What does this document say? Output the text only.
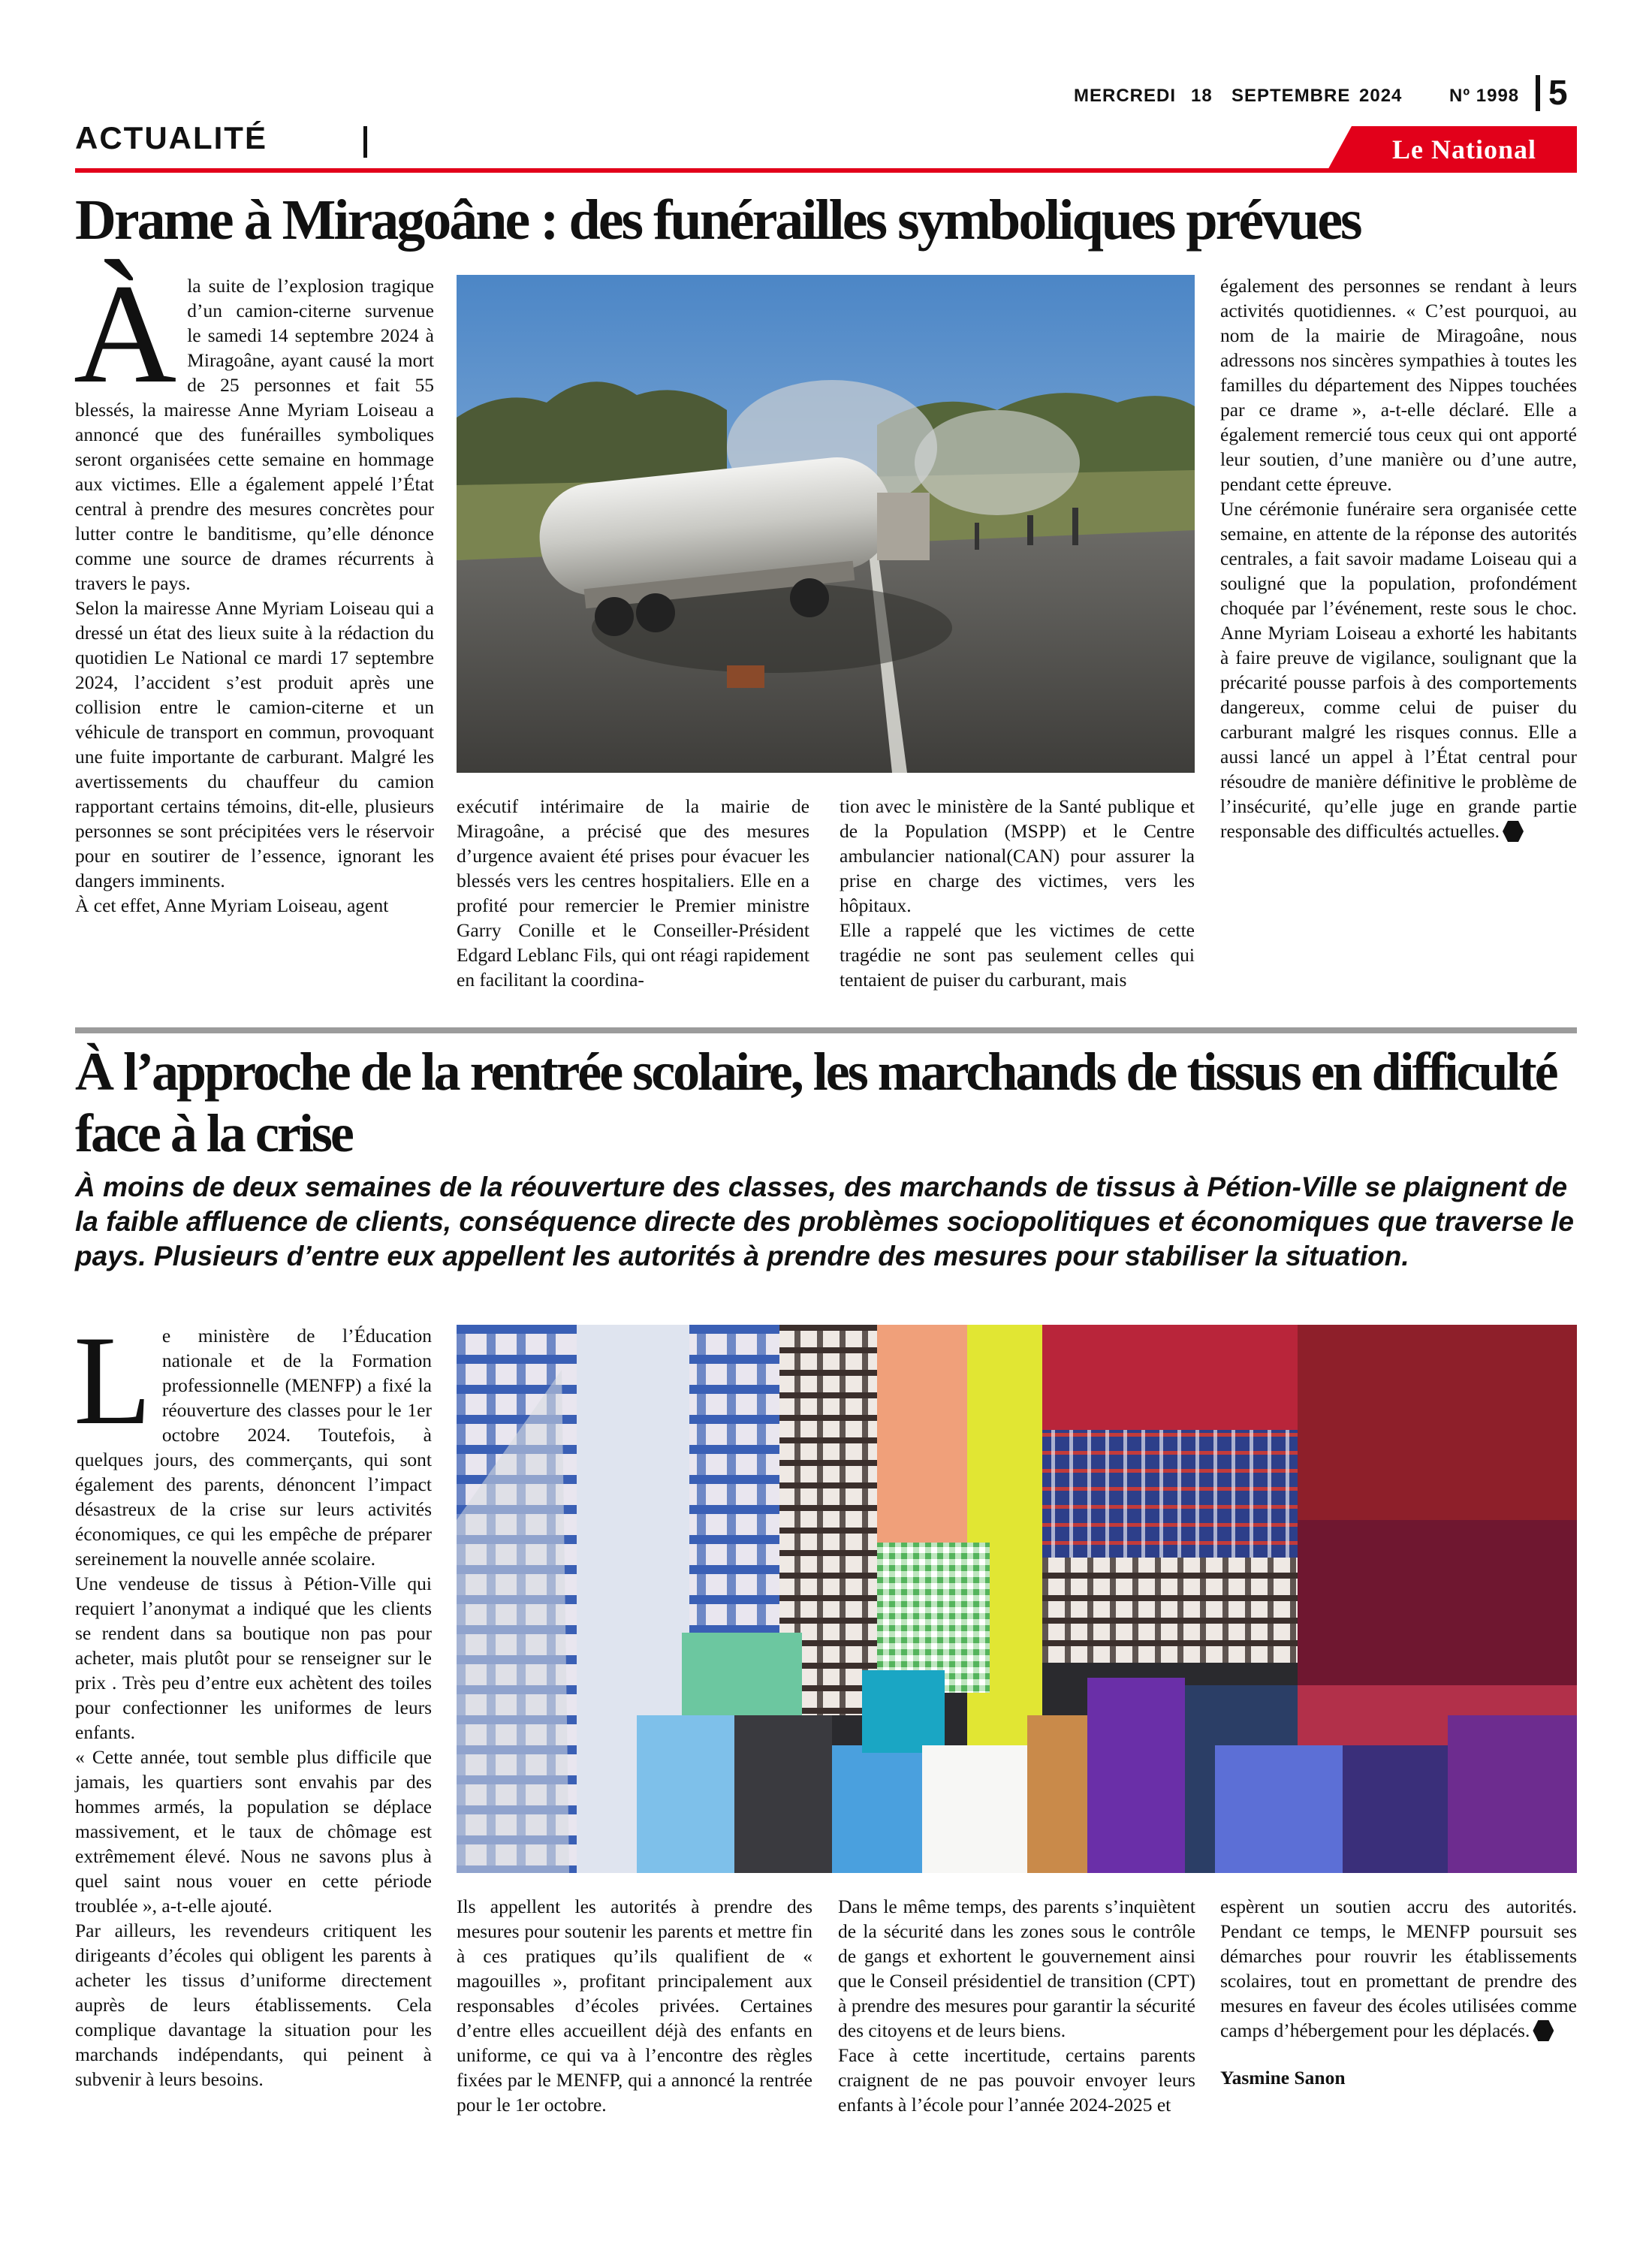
MERCREDI 18 SEPTEMBRE 2024	Nº 1998 5
ACTUALITÉ	Le National
Drame à Miragoâne : des funérailles symboliques prévues

Àla suite de l’explosion tragique d’un camion-citerne survenue le samedi 14 septembre 2024 à Miragoâne, ayant causé la mort de 25 personnes et fait 55 blessés, la mairesse Anne Myriam Loiseau a annoncé que des funérailles symboliques seront organisées cette semaine en hommage aux victimes. Elle a également appelé l’État central à prendre des mesures concrètes pour lutter contre le banditisme, qu’elle dénonce comme une source de drames récurrents à travers le pays.

Selon la mairesse Anne Myriam Loiseau qui a dressé un état des lieux suite à la rédaction du quotidien Le National ce mardi 17 septembre 2024, l’accident s’est produit après une collision entre le camion-citerne et un véhicule de transport en commun, provoquant une fuite importante de carburant. Malgré les avertissements du chauffeur du camion rapportant certains témoins, dit-elle, plusieurs personnes se sont précipitées vers le réservoir pour en soutirer de l’essence, ignorant les dangers imminents.

À cet effet, Anne Myriam Loiseau, agent

exécutif intérimaire de la mairie de Miragoâne, a précisé que des mesures d’urgence avaient été prises pour évacuer les blessés vers les centres hospitaliers. Elle en a profité pour remercier le Premier ministre Garry Conille et le Conseiller-Président Edgard Leblanc Fils, qui ont réagi rapidement en facilitant la coordina-

tion avec le ministère de la Santé publique et de la Population (MSPP) et le Centre ambulancier national(CAN) pour assurer la prise en charge des victimes, vers les hôpitaux.

Elle a rappelé que les victimes de cette tragédie ne sont pas seulement celles qui tentaient de puiser du carburant, mais

également des personnes se rendant à leurs activités quotidiennes. « C’est pourquoi, au nom de la mairie de Miragoâne, nous adressons nos sincères sympathies à toutes les familles du département des Nippes touchées par ce drame », a-t-elle déclaré. Elle a également remercié tous ceux qui ont apporté leur soutien, d’une manière ou d’une autre, pendant cette épreuve.

Une cérémonie funéraire sera organisée cette semaine, en attente de la réponse des autorités centrales, a fait savoir madame Loiseau qui a souligné que la population, profondément choquée par l’événement, reste sous le choc. Anne Myriam Loiseau a exhorté les habitants à faire preuve de vigilance, soulignant que la précarité pousse parfois à des comportements dangereux, comme celui de puiser du carburant malgré les risques connus. Elle a aussi lancé un appel à l’État central pour résoudre de manière définitive le problème de l’insécurité, qu’elle juge en grande partie responsable des difficultés actuelles.

À l’approche de la rentrée scolaire, les marchands de tissus en difficulté face à la crise
À moins de deux semaines de la réouverture des classes, des marchands de tissus à Pétion-Ville se plaignent de la faible affluence de clients, conséquence directe des problèmes sociopolitiques et économiques que traverse le pays. Plusieurs d’entre eux appellent les autorités à prendre des mesures pour stabiliser la situation.

Le ministère de l’Éducation nationale et de la Formation professionnelle (MENFP) a fixé la réouverture des classes pour le 1er octobre 2024. Toutefois, à quelques jours, des commerçants, qui sont également des parents, dénoncent l’impact désastreux de la crise sur leurs activités économiques, ce qui les empêche de préparer sereinement la nouvelle année scolaire.

Une vendeuse de tissus à Pétion-Ville qui requiert l’anonymat a indiqué que les clients se rendent dans sa boutique non pas pour acheter, mais plutôt pour se renseigner sur le prix . Très peu d’entre eux achètent des toiles pour confectionner les uniformes de leurs enfants.

« Cette année, tout semble plus difficile que jamais, les quartiers sont envahis par des hommes armés, la population se déplace massivement, et le taux de chômage est extrêmement élevé. Nous ne savons plus à quel saint nous vouer en cette période troublée », a-t-elle ajouté.

Par ailleurs, les revendeurs critiquent les dirigeants d’écoles qui obligent les parents à acheter les tissus d’uniforme directement auprès de leurs établissements. Cela complique davantage la situation pour les marchands indépendants, qui peinent à subvenir à leurs besoins.

Ils appellent les autorités à prendre des mesures pour soutenir les parents et mettre fin à ces pratiques qu’ils qualifient de « magouilles », profitant principalement aux responsables d’écoles privées. Certaines d’entre elles accueillent déjà des enfants en uniforme, ce qui va à l’encontre des règles fixées par le MENFP, qui a annoncé la rentrée pour le 1er octobre.

Dans le même temps, des parents s’inquiètent de la sécurité dans les zones sous le contrôle de gangs et exhortent le gouvernement ainsi que le Conseil présidentiel de transition (CPT) à prendre des mesures pour garantir la sécurité des citoyens et de leurs biens.

Face à cette incertitude, certains parents craignent de ne pas pouvoir envoyer leurs enfants à l’école pour l’année 2024-2025 et

espèrent un soutien accru des autorités. Pendant ce temps, le MENFP poursuit ses démarches pour rouvrir les établissements scolaires, tout en promettant de prendre des mesures en faveur des écoles utilisées comme camps d’hébergement pour les déplacés.

Yasmine Sanon
